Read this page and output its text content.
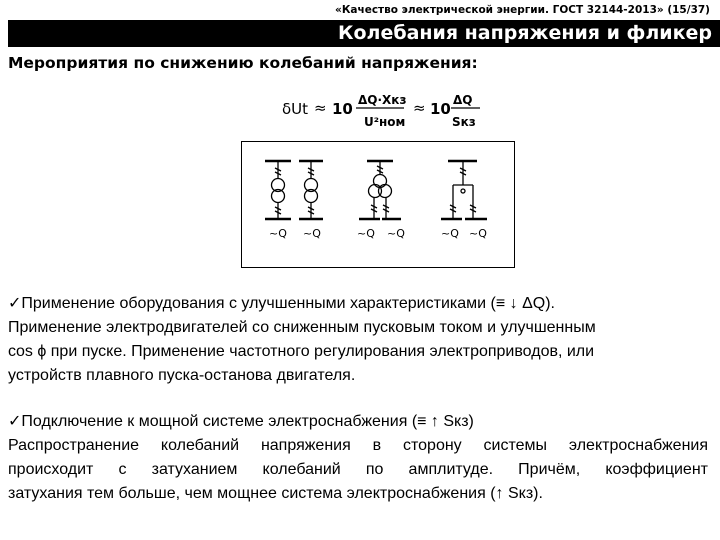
«Качество электрической энергии. ГОСТ 32144-2013» (15/37)
Колебания напряжения и фликер
Мероприятия по снижению колебаний напряжения:
δUt ≈ 10 ΔQ·Xкз
U²ном
≈ 10 ΔQ
Sкз
~Q ~Q	~Q ~Q	~Q ~Q

✓Применение оборудования с улучшенными характеристиками (≡ ↓ ΔQ).

Применение электродвигателей со сниженным пусковым током и улучшенным

cos ϕ при пуске. Применение частотного регулирования электроприводов, или

устройств плавного пуска-останова двигателя.

✓Подключение к мощной системе электроснабжения (≡ ↑ Sкз)

Распространение колебаний напряжения в сторону системы электроснабжения

происходит с затуханием колебаний по амплитуде. Причём, коэффициент

затухания тем больше, чем мощнее система электроснабжения (↑ Sкз).
